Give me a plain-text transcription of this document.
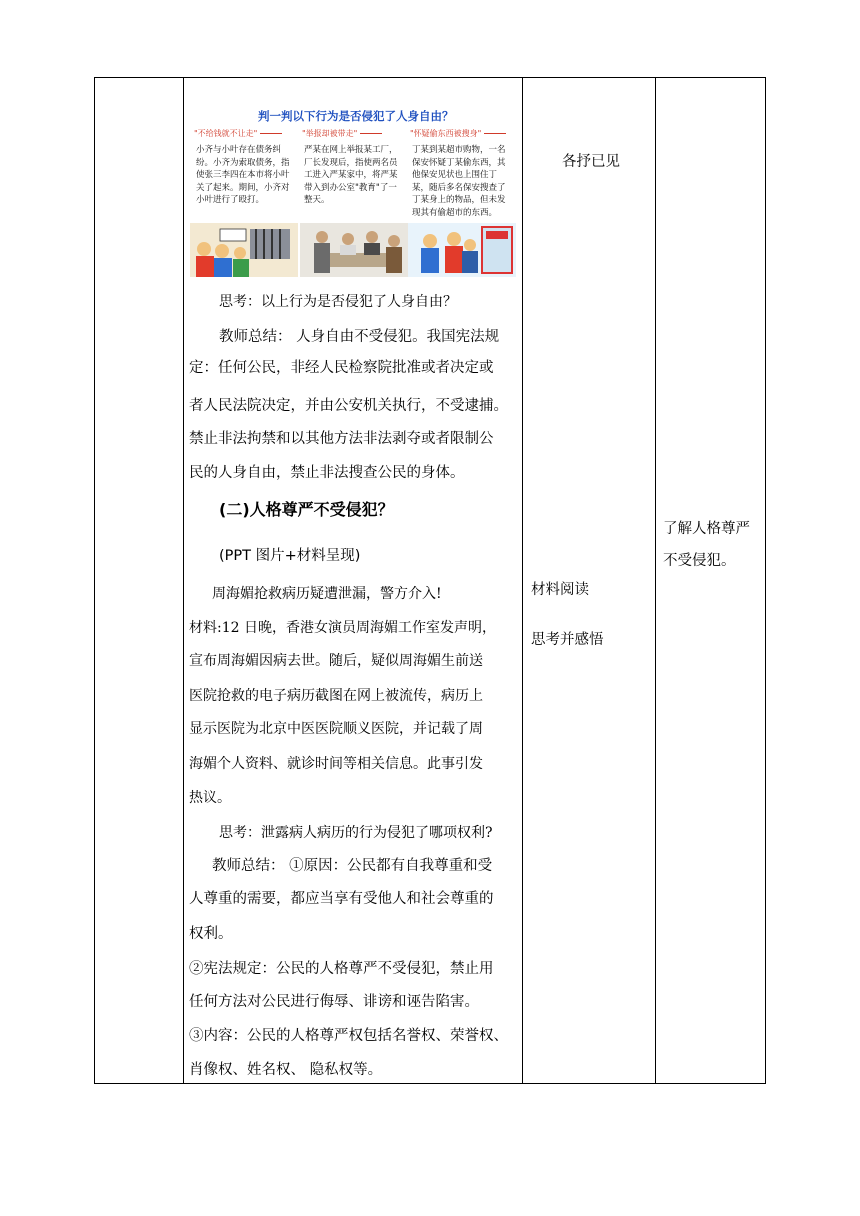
判一判以下行为是否侵犯了人身自由？
"不给钱就不让走"
小齐与小叶存在债务纠纷。小齐为索取债务，指使张三李四在本市将小叶关了起来。期间，小齐对小叶进行了殴打。
"举报却被带走"
严某在网上举报某工厂，厂长发现后，指使两名员工进入严某家中，将严某带入到办公室"教育"了一整天。
"怀疑偷东西被搜身"
丁某到某超市购物，一名保安怀疑丁某偷东西，其他保安见状也上围住丁某，随后多名保安搜查了丁某身上的物品，但未发现其有偷超市的东西。
思考：以上行为是否侵犯了人身自由？
教师总结： 人身自由不受侵犯。我国宪法规
定：任何公民，非经人民检察院批准或者决定或
者人民法院决定，并由公安机关执行，不受逮捕。
禁止非法拘禁和以其他方法非法剥夺或者限制公
民的人身自由，禁止非法搜查公民的身体。
(二)人格尊严不受侵犯？
(PPT 图片+材料呈现)
周海媚抢救病历疑遭泄漏，警方介入!
材料:12 日晚，香港女演员周海媚工作室发声明，
宣布周海媚因病去世。随后，疑似周海媚生前送
医院抢救的电子病历截图在网上被流传，病历上
显示医院为北京中医医院顺义医院，并记载了周
海媚个人资料、就诊时间等相关信息。此事引发
热议。
思考：泄露病人病历的行为侵犯了哪项权利?
教师总结： ①原因：公民都有自我尊重和受
人尊重的需要，都应当享有受他人和社会尊重的
权利。
②宪法规定：公民的人格尊严不受侵犯，禁止用
任何方法对公民进行侮辱、诽谤和诬告陷害。
③内容：公民的人格尊严权包括名誉权、荣誉权、
肖像权、姓名权、 隐私权等。
各抒已见
材料阅读
思考并感悟
了解人格尊严
不受侵犯。
